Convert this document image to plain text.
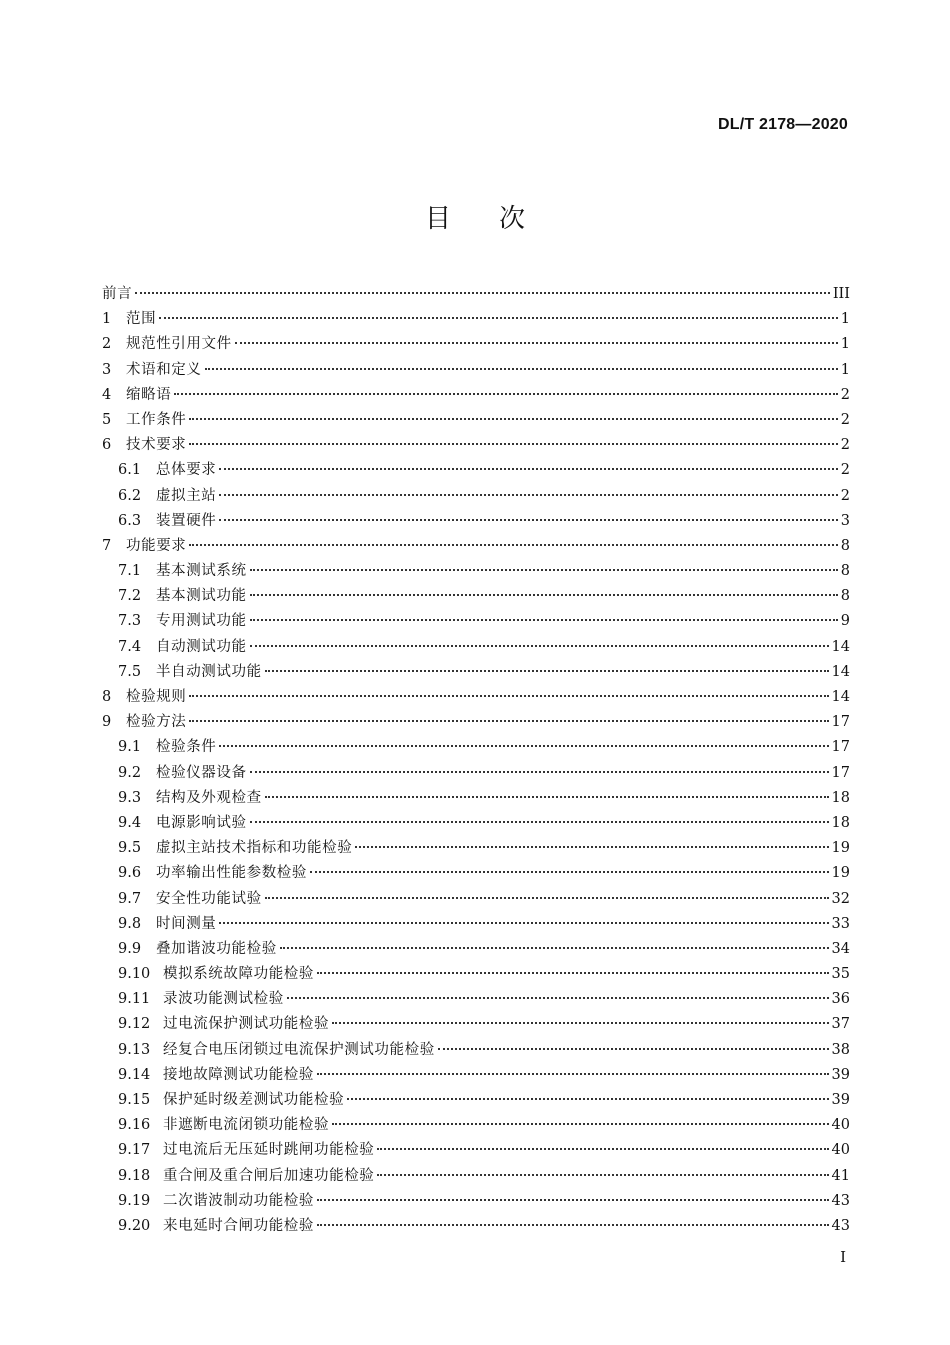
DL/T 2178—2020
目次
前言	III
1	范围	1
2	规范性引用文件	1
3	术语和定义	1
4	缩略语	2
5	工作条件	2
6	技术要求	2
6.1	总体要求	2
6.2	虚拟主站	2
6.3	装置硬件	3
7	功能要求	8
7.1	基本测试系统	8
7.2	基本测试功能	8
7.3	专用测试功能	9
7.4	自动测试功能	14
7.5	半自动测试功能	14
8	检验规则	14
9	检验方法	17
9.1	检验条件	17
9.2	检验仪器设备	17
9.3	结构及外观检查	18
9.4	电源影响试验	18
9.5	虚拟主站技术指标和功能检验	19
9.6	功率输出性能参数检验	19
9.7	安全性功能试验	32
9.8	时间测量	33
9.9	叠加谐波功能检验	34
9.10 模拟系统故障功能检验	35
9.11 录波功能测试检验	36
9.12 过电流保护测试功能检验	37
9.13 经复合电压闭锁过电流保护测试功能检验	38
9.14 接地故障测试功能检验	39
9.15 保护延时级差测试功能检验	39
9.16 非遮断电流闭锁功能检验	40
9.17 过电流后无压延时跳闸功能检验	40
9.18 重合闸及重合闸后加速功能检验	41
9.19 二次谐波制动功能检验	43
9.20 来电延时合闸功能检验	43
I
